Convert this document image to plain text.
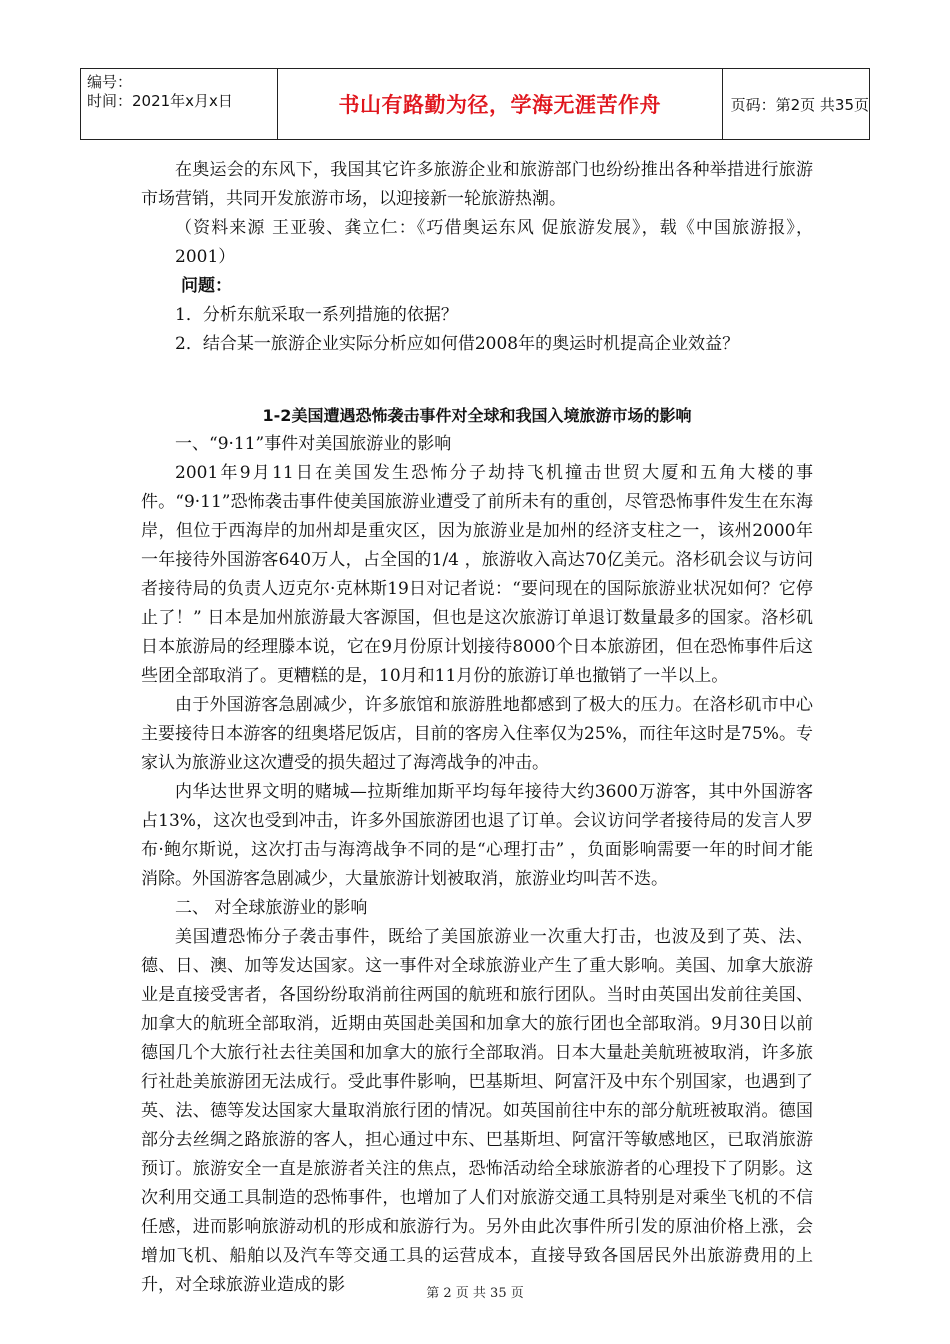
编号：
时间：2021年x月x日	书山有路勤为径，学海无涯苦作舟	页码：第2页 共35页

在奥运会的东风下，我国其它许多旅游企业和旅游部门也纷纷推出各种举措进行旅游市场营销，共同开发旅游市场，以迎接新一轮旅游热潮。

（资料来源 王亚骏、龚立仁：《巧借奥运东风 促旅游发展》，载《中国旅游报》，2001）

问题：

1．分析东航采取一系列措施的依据？

2．结合某一旅游企业实际分析应如何借2008年的奥运时机提高企业效益？

1-2美国遭遇恐怖袭击事件对全球和我国入境旅游市场的影响

一、“9·11”事件对美国旅游业的影响

2001年9月11日在美国发生恐怖分子劫持飞机撞击世贸大厦和五角大楼的事件。“9·11”恐怖袭击事件使美国旅游业遭受了前所未有的重创，尽管恐怖事件发生在东海岸，但位于西海岸的加州却是重灾区，因为旅游业是加州的经济支柱之一，该州2000年一年接待外国游客640万人，占全国的1/4 ，旅游收入高达70亿美元。洛杉矶会议与访问者接待局的负责人迈克尔·克林斯19日对记者说：“要问现在的国际旅游业状况如何？它停止了！” 日本是加州旅游最大客源国，但也是这次旅游订单退订数量最多的国家。洛杉矶日本旅游局的经理滕本说，它在9月份原计划接待8000个日本旅游团，但在恐怖事件后这些团全部取消了。更糟糕的是，10月和11月份的旅游订单也撤销了一半以上。

由于外国游客急剧减少，许多旅馆和旅游胜地都感到了极大的压力。在洛杉矶市中心主要接待日本游客的纽奥塔尼饭店，目前的客房入住率仅为25%，而往年这时是75%。专家认为旅游业这次遭受的损失超过了海湾战争的冲击。

内华达世界文明的赌城—拉斯维加斯平均每年接待大约3600万游客，其中外国游客占13%，这次也受到冲击，许多外国旅游团也退了订单。会议访问学者接待局的发言人罗布·鲍尔斯说，这次打击与海湾战争不同的是“心理打击” ，负面影响需要一年的时间才能消除。外国游客急剧减少，大量旅游计划被取消，旅游业均叫苦不迭。

二、 对全球旅游业的影响

美国遭恐怖分子袭击事件，既给了美国旅游业一次重大打击，也波及到了英、法、德、日、澳、加等发达国家。这一事件对全球旅游业产生了重大影响。美国、加拿大旅游业是直接受害者，各国纷纷取消前往两国的航班和旅行团队。当时由英国出发前往美国、加拿大的航班全部取消，近期由英国赴美国和加拿大的旅行团也全部取消。9月30日以前德国几个大旅行社去往美国和加拿大的旅行全部取消。日本大量赴美航班被取消，许多旅行社赴美旅游团无法成行。受此事件影响，巴基斯坦、阿富汗及中东个别国家，也遇到了英、法、德等发达国家大量取消旅行团的情况。如英国前往中东的部分航班被取消。德国部分去丝绸之路旅游的客人，担心通过中东、巴基斯坦、阿富汗等敏感地区，已取消旅游预订。旅游安全一直是旅游者关注的焦点，恐怖活动给全球旅游者的心理投下了阴影。这次利用交通工具制造的恐怖事件，也增加了人们对旅游交通工具特别是对乘坐飞机的不信任感，进而影响旅游动机的形成和旅游行为。另外由此次事件所引发的原油价格上涨，会增加飞机、船舶以及汽车等交通工具的运营成本，直接导致各国居民外出旅游费用的上升，对全球旅游业造成的影	第 2 页 共 35 页
